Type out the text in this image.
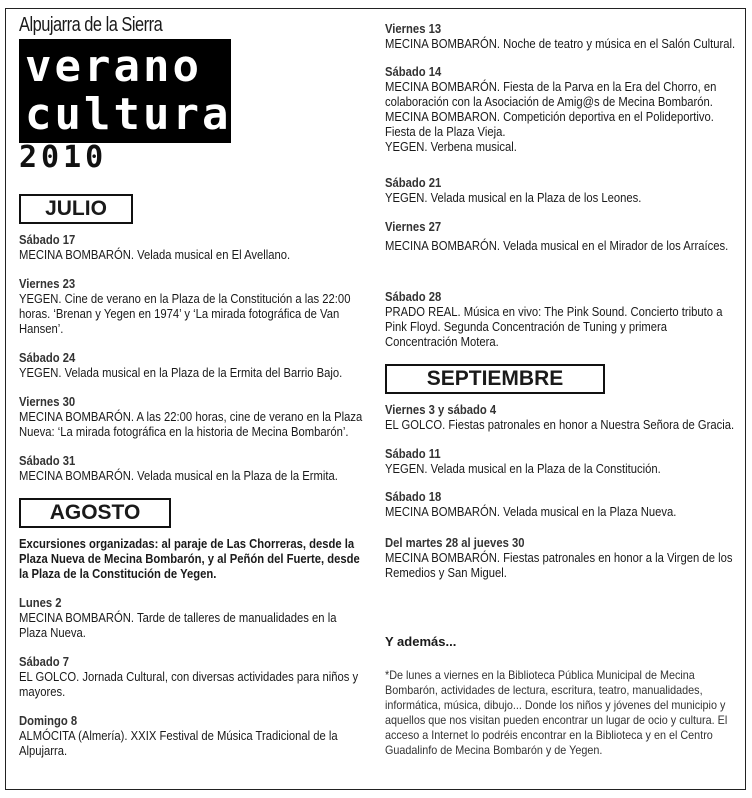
Alpujarra de la Sierra
verano
cultural
2010
JULIO

Sábado 17

MECINA BOMBARÓN. Velada musical en El Avellano.

Viernes 23

YEGEN. Cine de verano en la Plaza de la Constitución a las 22:00 horas. ‘Brenan y Yegen en 1974’ y ‘La mirada fotográfica de Van Hansen’.

Sábado 24

YEGEN. Velada musical en la Plaza de la Ermita del Barrio Bajo.

Viernes 30

MECINA BOMBARÓN. A las 22:00 horas, cine de verano en la Plaza Nueva: ‘La mirada fotográfica en la historia de Mecina Bombarón’.

Sábado 31

MECINA BOMBARÓN. Velada musical en la Plaza de la Ermita.

AGOSTO
Excursiones organizadas: al paraje de Las Chorreras, desde la Plaza Nueva de Mecina Bombarón, y al Peñón del Fuerte, desde la Plaza de la Constitución de Yegen.

Lunes 2

MECINA BOMBARÓN. Tarde de talleres de manualidades en la Plaza Nueva.

Sábado 7

EL GOLCO. Jornada Cultural, con diversas actividades para niños y mayores.

Domingo 8

ALMÓCITA (Almería). XXIX Festival de Música Tradicional de la Alpujarra.

Viernes 13

MECINA BOMBARÓN. Noche de teatro y música en el Salón Cultural.

Sábado 14

MECINA BOMBARÓN. Fiesta de la Parva en la Era del Chorro, en colaboración con la Asociación de Amig@s de Mecina Bombarón.

MECINA BOMBARON. Competición deportiva en el Polideportivo. Fiesta de la Plaza Vieja.

YEGEN. Verbena musical.

Sábado 21

YEGEN. Velada musical en la Plaza de los Leones.

Viernes 27

MECINA BOMBARÓN. Velada musical en el Mirador de los Arraíces.

Sábado 28

PRADO REAL. Música en vivo: The Pink Sound. Concierto tributo a Pink Floyd. Segunda Concentración de Tuning y primera Concentración Motera.

SEPTIEMBRE

Viernes 3 y sábado 4

EL GOLCO. Fiestas patronales en honor a Nuestra Señora de Gracia.

Sábado 11

YEGEN. Velada musical en la Plaza de la Constitución.

Sábado 18

MECINA BOMBARÓN. Velada musical en la Plaza Nueva.

Del martes 28 al jueves 30

MECINA BOMBARÓN. Fiestas patronales en honor a la Virgen de los Remedios y San Miguel.

Y además...
*De lunes a viernes en la Biblioteca Pública Municipal de Mecina Bombarón, actividades de lectura, escritura, teatro, manualidades, informática, música, dibujo... Donde los niños y jóvenes del municipio y aquellos que nos visitan pueden encontrar un lugar de ocio y cultura. El acceso a Internet lo podréis encontrar en la Biblioteca y en el Centro Guadalinfo de Mecina Bombarón y de Yegen.
